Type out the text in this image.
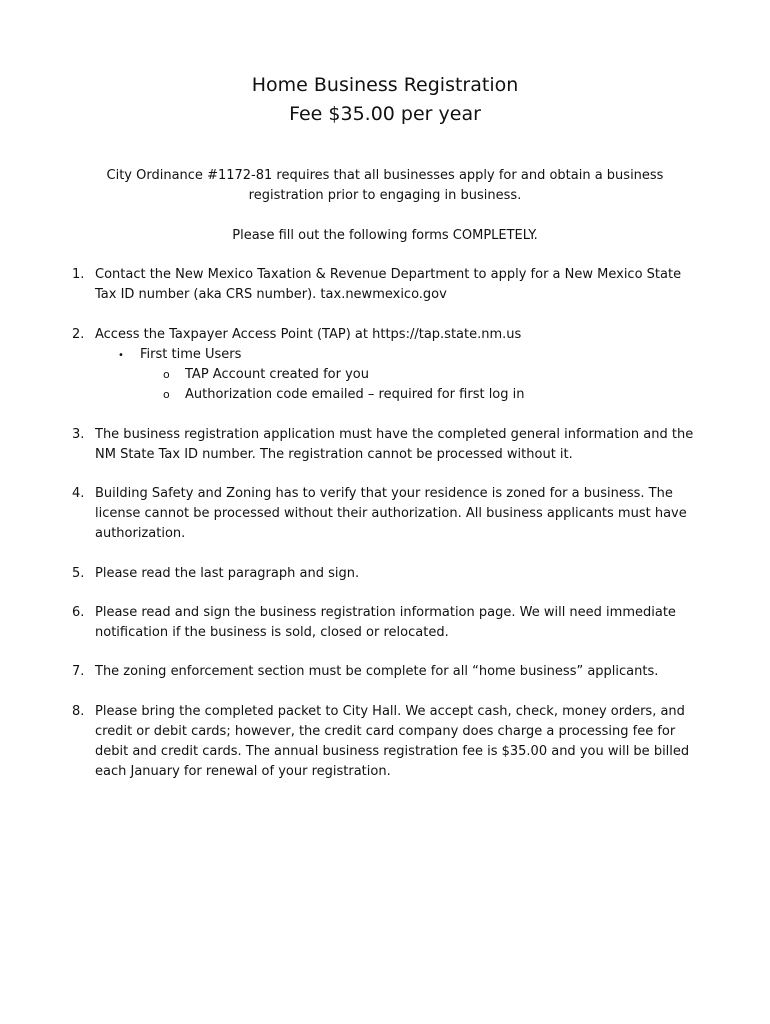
Home Business Registration
Fee $35.00 per year

City Ordinance #1172-81 requires that all businesses apply for and obtain a business registration prior to engaging in business.

Please fill out the following forms COMPLETELY.

1. Contact the New Mexico Taxation & Revenue Department to apply for a New Mexico State Tax ID number (aka CRS number). tax.newmexico.gov
2. Access the Taxpayer Access Point (TAP) at https://tap.state.nm.us
• First time Users
o TAP Account created for you
o Authorization code emailed – required for first log in
3. The business registration application must have the completed general information and the NM State Tax ID number. The registration cannot be processed without it.
4. Building Safety and Zoning has to verify that your residence is zoned for a business. The license cannot be processed without their authorization. All business applicants must have authorization.
5. Please read the last paragraph and sign.
6. Please read and sign the business registration information page. We will need immediate notification if the business is sold, closed or relocated.
7. The zoning enforcement section must be complete for all “home business” applicants.
8. Please bring the completed packet to City Hall. We accept cash, check, money orders, and credit or debit cards; however, the credit card company does charge a processing fee for debit and credit cards. The annual business registration fee is $35.00 and you will be billed each January for renewal of your registration.
